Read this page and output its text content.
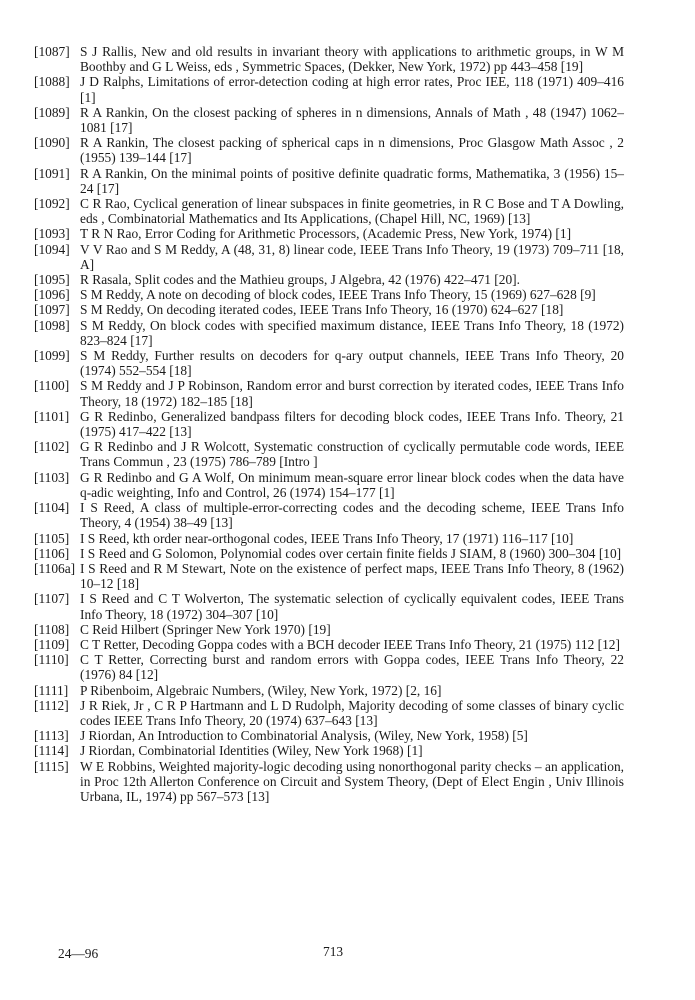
[1087] S J Rallis, New and old results in invariant theory with applications to arithmetic groups, in W M Boothby and G L Weiss, eds , Symmetric Spaces, (Dekker, New York, 1972) pp 443–458 [19]
[1088] J D Ralphs, Limitations of error-detection coding at high error rates, Proc IEE, 118 (1971) 409–416 [1]
[1089] R A Rankin, On the closest packing of spheres in n dimensions, Annals of Math , 48 (1947) 1062–1081 [17]
[1090] R A Rankin, The closest packing of spherical caps in n dimensions, Proc Glasgow Math Assoc , 2 (1955) 139–144 [17]
[1091] R A Rankin, On the minimal points of positive definite quadratic forms, Mathematika, 3 (1956) 15–24 [17]
[1092] C R Rao, Cyclical generation of linear subspaces in finite geometries, in R C Bose and T A Dowling, eds , Combinatorial Mathematics and Its Applications, (Chapel Hill, NC, 1969) [13]
[1093] T R N Rao, Error Coding for Arithmetic Processors, (Academic Press, New York, 1974) [1]
[1094] V V Rao and S M Reddy, A (48, 31, 8) linear code, IEEE Trans Info Theory, 19 (1973) 709–711 [18, A]
[1095] R Rasala, Split codes and the Mathieu groups, J Algebra, 42 (1976) 422–471 [20].
[1096] S M Reddy, A note on decoding of block codes, IEEE Trans Info Theory, 15 (1969) 627–628 [9]
[1097] S M Reddy, On decoding iterated codes, IEEE Trans Info Theory, 16 (1970) 624–627 [18]
[1098] S M Reddy, On block codes with specified maximum distance, IEEE Trans Info Theory, 18 (1972) 823–824 [17]
[1099] S M Reddy, Further results on decoders for q-ary output channels, IEEE Trans Info Theory, 20 (1974) 552–554 [18]
[1100] S M Reddy and J P Robinson, Random error and burst correction by iterated codes, IEEE Trans Info Theory, 18 (1972) 182–185 [18]
[1101] G R Redinbo, Generalized bandpass filters for decoding block codes, IEEE Trans Info. Theory, 21 (1975) 417–422 [13]
[1102] G R Redinbo and J R Wolcott, Systematic construction of cyclically permutable code words, IEEE Trans Commun , 23 (1975) 786–789 [Intro ]
[1103] G R Redinbo and G A Wolf, On minimum mean-square error linear block codes when the data have q-adic weighting, Info and Control, 26 (1974) 154–177 [1]
[1104] I S Reed, A class of multiple-error-correcting codes and the decoding scheme, IEEE Trans Info Theory, 4 (1954) 38–49 [13]
[1105] I S Reed, kth order near-orthogonal codes, IEEE Trans Info Theory, 17 (1971) 116–117 [10]
[1106] I S Reed and G Solomon, Polynomial codes over certain finite fields J SIAM, 8 (1960) 300–304 [10]
[1106a] I S Reed and R M Stewart, Note on the existence of perfect maps, IEEE Trans Info Theory, 8 (1962) 10–12 [18]
[1107] I S Reed and C T Wolverton, The systematic selection of cyclically equivalent codes, IEEE Trans Info Theory, 18 (1972) 304–307 [10]
[1108] C Reid Hilbert (Springer New York 1970) [19]
[1109] C T Retter, Decoding Goppa codes with a BCH decoder IEEE Trans Info Theory, 21 (1975) 112 [12]
[1110] C T Retter, Correcting burst and random errors with Goppa codes, IEEE Trans Info Theory, 22 (1976) 84 [12]
[1111] P Ribenboim, Algebraic Numbers, (Wiley, New York, 1972) [2, 16]
[1112] J R Riek, Jr , C R P Hartmann and L D Rudolph, Majority decoding of some classes of binary cyclic codes IEEE Trans Info Theory, 20 (1974) 637–643 [13]
[1113] J Riordan, An Introduction to Combinatorial Analysis, (Wiley, New York, 1958) [5]
[1114] J Riordan, Combinatorial Identities (Wiley, New York 1968) [1]
[1115] W E Robbins, Weighted majority-logic decoding using nonorthogonal parity checks – an application, in Proc 12th Allerton Conference on Circuit and System Theory, (Dept of Elect Engin , Univ Illinois Urbana, IL, 1974) pp 567–573 [13]
24—96	713
